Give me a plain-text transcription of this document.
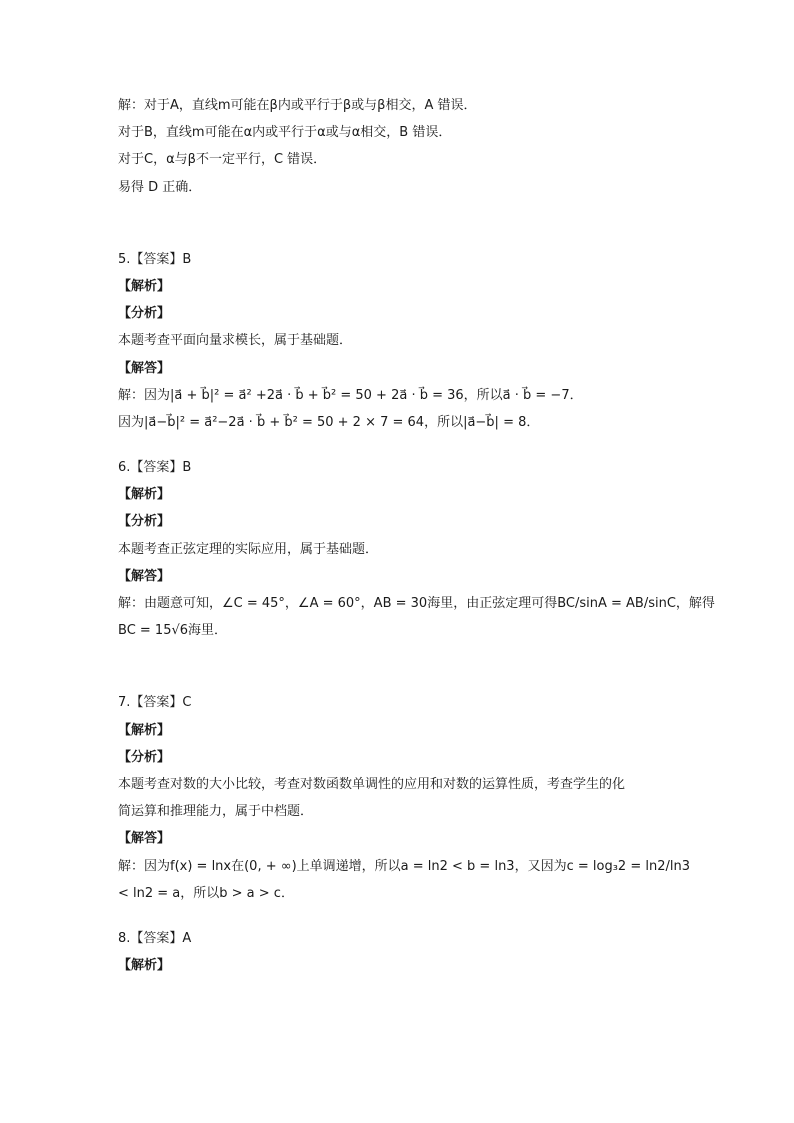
解：对于A，直线m可能在β内或平行于β或与β相交，A 错误．
对于B，直线m可能在α内或平行于α或与α相交，B 错误．
对于C，α与β不一定平行，C 错误．
易得 D 正确．
5.【答案】B
【解析】
【分析】
本题考查平面向量求模长，属于基础题．
【解答】
解：因为|a⃗ + b⃗|² = a⃗² +2a⃗ · b⃗ + b⃗² = 50 + 2a⃗ · b⃗ = 36，所以a⃗ · b⃗ = −7．
因为|a⃗−b⃗|² = a⃗²−2a⃗ · b⃗ + b⃗² = 50 + 2 × 7 = 64，所以|a⃗−b⃗| = 8．
6.【答案】B
【解析】
【分析】
本题考查正弦定理的实际应用，属于基础题．
【解答】
解：由题意可知，∠C = 45°，∠A = 60°，AB = 30海里，由正弦定理可得BC/sinA = AB/sinC，解得
BC = 15√6海里．
7.【答案】C
【解析】
【分析】
本题考查对数的大小比较，考查对数函数单调性的应用和对数的运算性质，考查学生的化
简运算和推理能力，属于中档题．
【解答】
解：因为f(x) = lnx在(0, + ∞)上单调递增，所以a = ln2 < b = ln3，又因为c = log₃2 = ln2/ln3
< ln2 = a，所以b > a > c．
8.【答案】A
【解析】
